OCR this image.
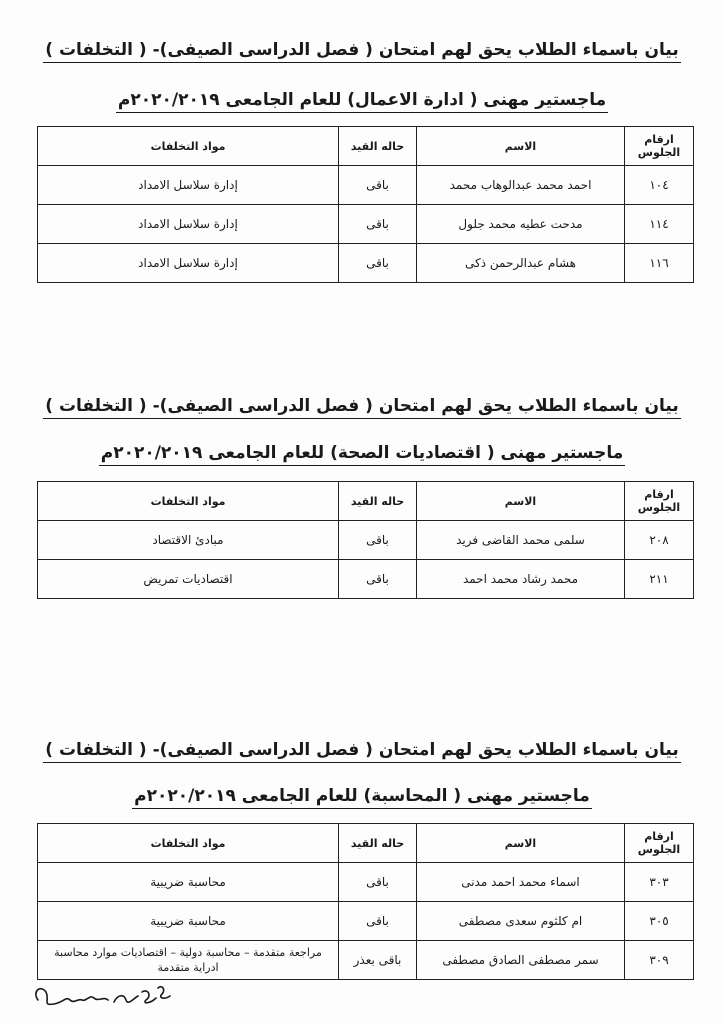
بيان باسماء الطلاب يحق لهم امتحان ( فصل الدراسى الصيفى)- ( التخلفات )
ماجستير مهنى ( ادارة الاعمال) للعام الجامعى ٢٠٢٠/٢٠١٩م
ارقام الجلوس	الاسم	حاله القيد	مواد التخلفات
١٠٤	احمد محمد عبدالوهاب محمد	باقى	إدارة سلاسل الامداد
١١٤	مدحت عطيه محمد جلول	باقى	إدارة سلاسل الامداد
١١٦	هشام عبدالرحمن ذكى	باقى	إدارة سلاسل الامداد
بيان باسماء الطلاب يحق لهم امتحان ( فصل الدراسى الصيفى)- ( التخلفات )
ماجستير مهنى ( اقتصاديات الصحة) للعام الجامعى ٢٠٢٠/٢٠١٩م
ارقام الجلوس	الاسم	حاله القيد	مواد التخلفات
٢٠٨	سلمى محمد القاضى فريد	باقى	مبادئ الاقتصاد
٢١١	محمد رشاد محمد احمد	باقى	اقتصاديات تمريض
بيان باسماء الطلاب يحق لهم امتحان ( فصل الدراسى الصيفى)- ( التخلفات )
ماجستير مهنى ( المحاسبة) للعام الجامعى ٢٠٢٠/٢٠١٩م
ارقام الجلوس	الاسم	حاله القيد	مواد التخلفات
٣٠٣	اسماء محمد احمد مدنى	باقى	محاسبة ضريبية
٣٠٥	ام كلثوم سعدى مصطفى	باقى	محاسبة ضريبية
٣٠٩	سمر مصطفى الصادق مصطفى	باقى بعذر	مراجعة متقدمة – محاسبة دولية – اقتصاديات موارد محاسبة ادراية متقدمة
